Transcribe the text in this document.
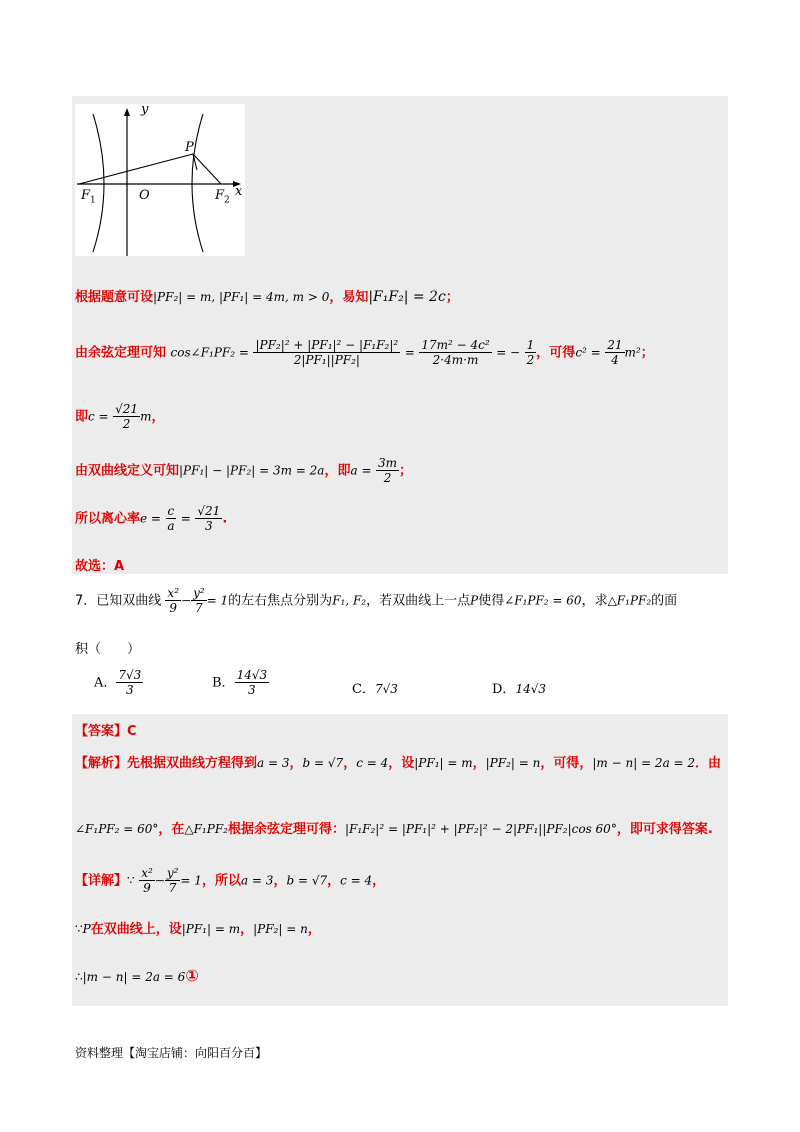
y
x
P
O
$F_1$	$F_2$
根据题意可设|PF₂| = m, |PF₁| = 4m, m > 0，易知|F₁F₂| = 2c；
由余弦定理可知 cos∠F₁PF₂ = $\frac{\text{|PF₂|² + |PF₁|² − |F₁F₂|²}}{\text{2|PF₁||PF₂|}} = \frac{\text{17m² − 4c²}}{2\cdot 4m\cdot m}$ = − $\frac{1}{2}$ ，可得$c^2 = \frac{21}{4} m^2$；
即$c = \frac{√21}{2}$ m，
由双曲线定义可知|PF₁| − |PF₂| = 3m = 2a，即$a = \frac{3m}{2}$ ；
所以离心率$e = \frac{c}{a} = \frac{√21}{3}$ .
故选：A
7．已知双曲线 $\frac{\text{x²}}{9} - \frac{\text{y²}}{7} = 1$的左右焦点分别为F₁, F₂，若双曲线上一点P使得∠F₁PF₂ = 60，求△F₁PF₂的面
积（　　）
A． $\frac{7√3}{3}$	B． $\frac{14√3}{3}$	C．7√3	D．14√3
【答案】C
【解析】先根据双曲线方程得到a = 3，b = √7，c = 4，设|PF₁| = m，|PF₂| = n，可得，|m − n| = 2a = 2．由
∠F₁PF₂ = 60°，在△F₁PF₂根据余弦定理可得：|F₁F₂|² = |PF₁|² + |PF₂|² − 2|PF₁||PF₂|cos 60°，即可求得答案.
【详解】∵ $\frac{\text{x²}}{9} - \frac{\text{y²}}{7} = 1$，所以a = 3，b = √7，c = 4，
∵P在双曲线上，设|PF₁| = m，|PF₂| = n，
∴|m − n| = 2a = 6①
资料整理【淘宝店铺：向阳百分百】
